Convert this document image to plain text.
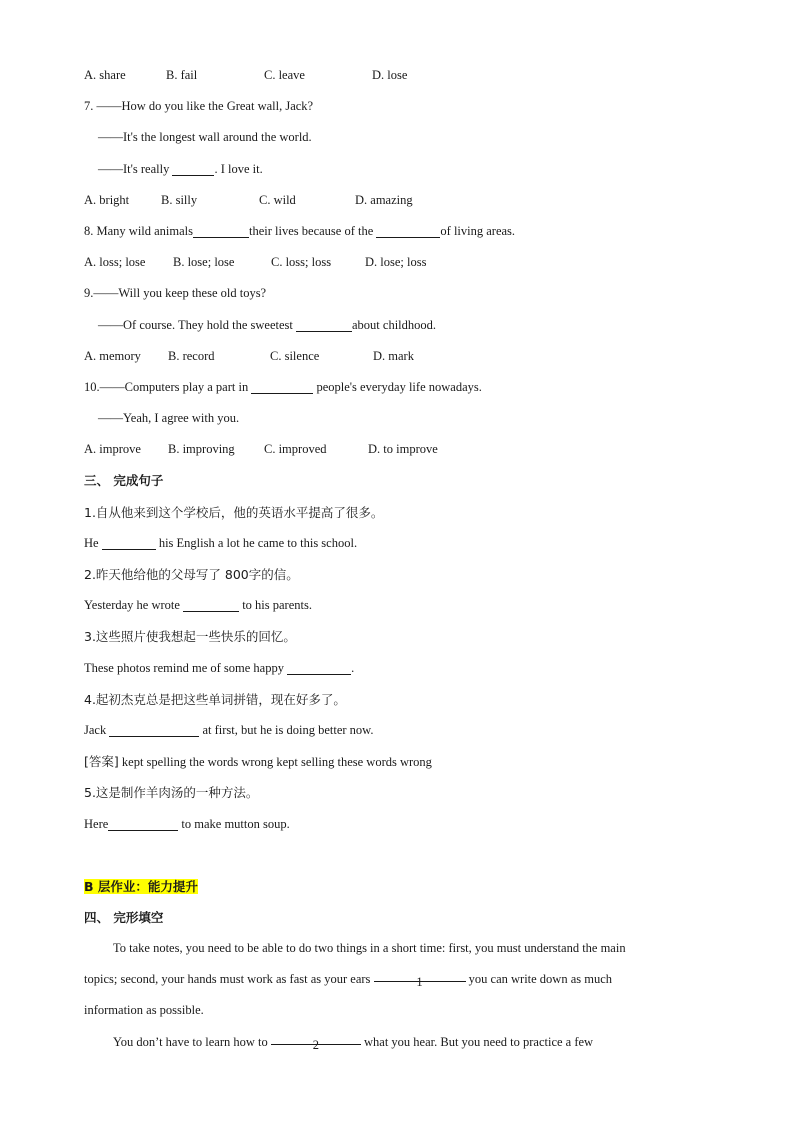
A. share	B. fail	C. leave	D. lose
7. ——How do you like the Great wall, Jack?
——It's the longest wall around the world.
——It's really	. I love it.
A. bright	B. silly	C. wild	D. amazing
8. Many wild animals	their lives because of the	of living areas.
A. loss; lose B. lose; lose	C. loss; loss	D. lose; loss
9.——Will you keep these old toys?
——Of course. They hold the sweetest	about childhood.
A. memory B. record	C. silence	D. mark
10.——Computers play a part in	people's everyday life nowadays.
——Yeah, I agree with you.
A. improve B. improving C. improved	D. to improve
三、 完成句子
1.自从他来到这个学校后，他的英语水平提高了很多。
He	his English a lot he came to this school.
2.昨天他给他的父母写了 800字的信。
Yesterday he wrote	to his parents.
3.这些照片使我想起一些快乐的回忆。
These photos remind me of some happy	.
4.起初杰克总是把这些单词拼错，现在好多了。
Jack	at first, but he is doing better now.
[答案] kept spelling the words wrong kept selling these words wrong
5.这是制作羊肉汤的一种方法。
Here	to make mutton soup.
B 层作业：能力提升
四、 完形填空
To take notes, you need to be able to do two things in a short time: first, you must understand the main
topics; second, your hands must work as fast as your ears	1	you can write down as much
information as possible.
You don’t have to learn how to	2	what you hear. But you need to practice a few
